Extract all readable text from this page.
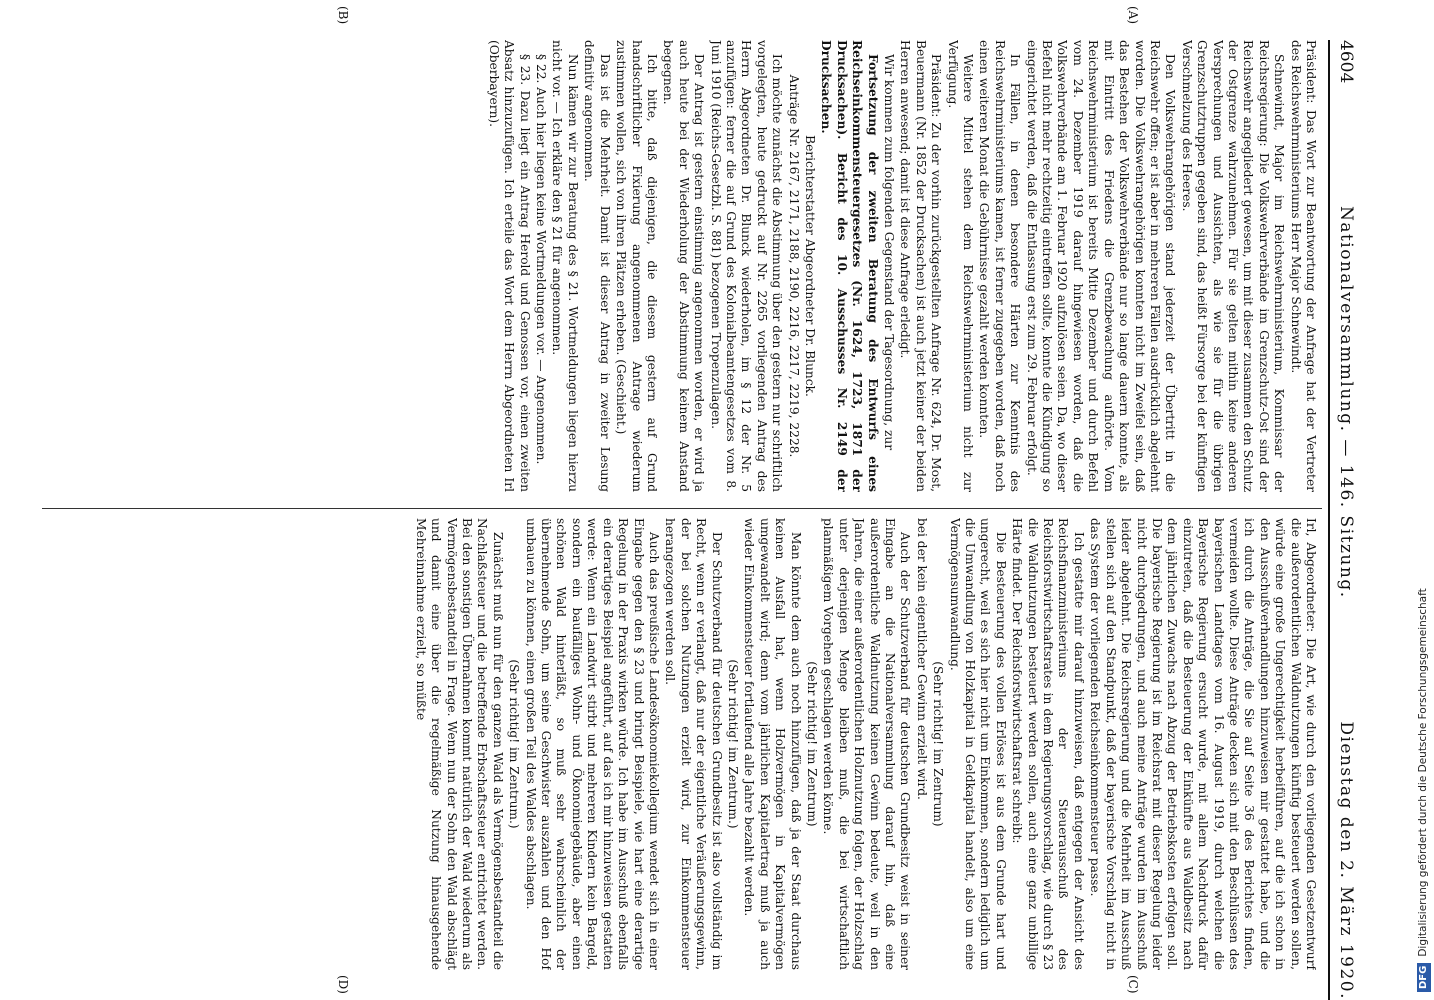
4604
Nationalversammlung. — 146. Sitzung.
Dienstag den 2. März 1920.

Präsident: Das Wort zur Beantwortung der Anfrage hat der Vertreter des Reichswehrministeriums Herr Major Schnewindt.

Schnewindt, Major im Reichswehrministerium, Kommissar der Reichsregierung: Die Volkswehrverbände im Grenzschutz-Ost sind der Reichswehr angegliedert gewesen, um mit dieser zusammen den Schutz der Ostgrenze wahrzunehmen. Für sie gelten mithin keine anderen Versprechungen und Aussichten, als wie sie für die übrigen Grenzschutztruppen gegeben sind, das heißt Fürsorge bei der künftigen Verschmelzung des Heeres.

Den Volkswehrangehörigen stand jederzeit der Übertritt in die Reichswehr offen; er ist aber in mehreren Fällen ausdrücklich abgelehnt worden. Die Volkswehrangehörigen konnten nicht im Zweifel sein, daß das Bestehen der Volkswehrverbände nur so lange dauern konnte, als mit Eintritt des Friedens die Grenzbewachung aufhörte. Vom Reichswehrministerium ist bereits Mitte Dezember und durch Befehl vom 24. Dezember 1919 darauf hingewiesen worden, daß die Volkswehrverbände am 1. Februar 1920 aufzulösen seien. Da, wo dieser Befehl nicht mehr rechtzeitig eintreffen sollte, konnte die Kündigung so eingerichtet werden, daß die Entlassung erst zum 29. Februar erfolgt.

In Fällen, in denen besondere Härten zur Kenntnis des Reichswehrministeriums kamen, ist ferner zugegeben worden, daß noch einen weiteren Monat die Gebührnisse gezahlt werden konnten.

Weitere Mittel stehen dem Reichswehrministerium nicht zur Verfügung.

Präsident: Zu der vorhin zurückgestellten Anfrage Nr. 624, Dr. Most, Beuermann (Nr. 1852 der Drucksachen) ist auch jetzt keiner der beiden Herren anwesend; damit ist diese Anfrage erledigt.

Wir kommen zum folgenden Gegenstand der Tagesordnung, zur

Fortsetzung der zweiten Beratung des Entwurfs eines Reichseinkommensteuergesetzes (Nr. 1624, 1723, 1871 der Drucksachen). Bericht des 10. Ausschusses Nr. 2149 der Drucksachen.

Berichterstatter Abgeordneter Dr. Blunck.

Anträge Nr. 2167, 2171, 2188, 2190, 2216, 2217, 2219, 2228.

Ich möchte zunächst die Abstimmung über den gestern nur schriftlich vorgelegten, heute gedruckt auf Nr. 2265 vorliegenden Antrag des Herrn Abgeordneten Dr. Blunck wiederholen, im § 12 der Nr. 5 anzufügen: ferner die auf Grund des Kolonialbeamtengesetzes vom 8. Juni 1910 (Reichs-Gesetzbl. S. 881) bezogenen Tropenzulagen.

Der Antrag ist gestern einstimmig angenommen worden, er wird ja auch heute bei der Wiederholung der Abstimmung keinem Anstand begegnen.

Ich bitte, daß diejenigen, die diesem gestern auf Grund handschriftlicher Fixierung angenommenen Antrage wiederum zustimmen wollen, sich von ihren Plätzen erheben. (Geschieht.)

Das ist die Mehrheit. Damit ist dieser Antrag in zweiter Lesung definitiv angenommen.

Nun kämen wir zur Beratung des § 21. Wortmeldungen liegen hierzu nicht vor. — Ich erkläre den § 21 für angenommen.

§ 22. Auch hier liegen keine Wortmeldungen vor. — Angenommen.

§ 23. Dazu liegt ein Antrag Herold und Genossen vor, einen zweiten Absatz hinzuzufügen. Ich erteile das Wort dem Herrn Abgeordneten Irl (Oberbayern).

Irl, Abgeordneter: Die Art, wie durch den vorliegenden Gesetzentwurf die außerordentlichen Waldnutzungen künftig besteuert werden sollen, würde eine große Ungerechtigkeit herbeiführen, auf die ich schon in den Ausschußverhandlungen hinzuweisen mir gestattet habe, und die ich durch die Anträge, die Sie auf Seite 36 des Berichtes finden, vermeiden wollte. Diese Anträge decken sich mit den Beschlüssen des bayerischen Landtages vom 16. August 1919, durch welchen die Bayerische Regierung ersucht wurde, mit allem Nachdruck dafür einzutreten, daß die Besteuerung der Einkünfte aus Waldbesitz nach dem jährlichen Zuwachs nach Abzug der Betriebskosten erfolgen soll. Die bayerische Regierung ist im Reichsrat mit dieser Regelung leider nicht durchgedrungen, und auch meine Anträge wurden im Ausschuß leider abgelehnt. Die Reichsregierung und die Mehrheit im Ausschuß stellen sich auf den Standpunkt, daß der bayerische Vorschlag nicht in das System der vorliegenden Reichseinkommensteuer passe.

Ich gestatte mir darauf hinzuweisen, daß entgegen der Ansicht des Reichsfinanzministeriums der Steuerausschuß des Reichsforstwirtschaftsrates in dem Regierungsvorschlag, wie durch § 23 die Waldnutzungen besteuert werden sollen, auch eine ganz unbillige Härte findet. Der Reichsforstwirtschaftsrat schreibt:

Die Besteuerung des vollen Erlöses ist aus dem Grunde hart und ungerecht, weil es sich hier nicht um Einkommen, sondern lediglich um die Umwandlung von Holzkapital in Geldkapital handelt, also um eine Vermögensumwandlung.

(Sehr richtig! im Zentrum)

bei der kein eigentlicher Gewinn erzielt wird.

Auch der Schutzverband für deutschen Grundbesitz weist in seiner Eingabe an die Nationalversammlung darauf hin, daß eine außerordentliche Waldnutzung keinen Gewinn bedeute, weil in den Jahren, die einer außerordentlichen Holznutzung folgen, der Holzschlag unter derjenigen Menge bleiben muß, die bei wirtschaftlich planmäßigem Vorgehen geschlagen werden könne.

(Sehr richtig! im Zentrum)

Man könnte dem auch noch hinzufügen, daß ja der Staat durchaus keinen Ausfall hat, wenn Holzvermögen in Kapitalvermögen umgewandelt wird; denn vom jährlichen Kapitalertrag muß ja auch wieder Einkommensteuer fortlaufend alle Jahre bezahlt werden.

(Sehr richtig! im Zentrum.)

Der Schutzverband für deutschen Grundbesitz ist also vollständig im Recht, wenn er verlangt, daß nur der eigentliche Veräußerungsgewinn, der bei solchen Nutzungen erzielt wird, zur Einkommensteuer herangezogen werden soll.

Auch das preußische Landesökonomiekollegium wendet sich in einer Eingabe gegen den § 23 und bringt Beispiele, wie hart eine derartige Regelung in der Praxis wirken würde. Ich habe im Ausschuß ebenfalls ein derartiges Beispiel angeführt, auf das ich mir hinzuweisen gestatten werde: Wenn ein Landwirt stirbt und mehreren Kindern kein Bargeld, sondern ein baufälliges Wohn- und Ökonomiegebäude, aber einen schönen Wald hinterläßt, so muß sehr wahrscheinlich der übernehmende Sohn, um seine Geschwister auszahlen und den Hof umbauen zu können, einen großen Teil des Waldes abschlagen.

(Sehr richtig! im Zentrum.)

Zunächst muß nun für den ganzen Wald als Vermögensbestandteil die Nachlaßsteuer und die betreffende Erbschaftssteuer entrichtet werden. Bei den sonstigen Übernahmen kommt natürlich der Wald wiederum als Vermögensbestandteil in Frage. Wenn nun der Sohn den Wald abschlägt und damit eine über die regelmäßige Nutzung hinausgehende Mehreinnahme erzielt, so müßte

(A)
(B)
(C)
(D)	DFGDigitalisierung gefördert durch die Deutsche Forschungsgemeinschaft
